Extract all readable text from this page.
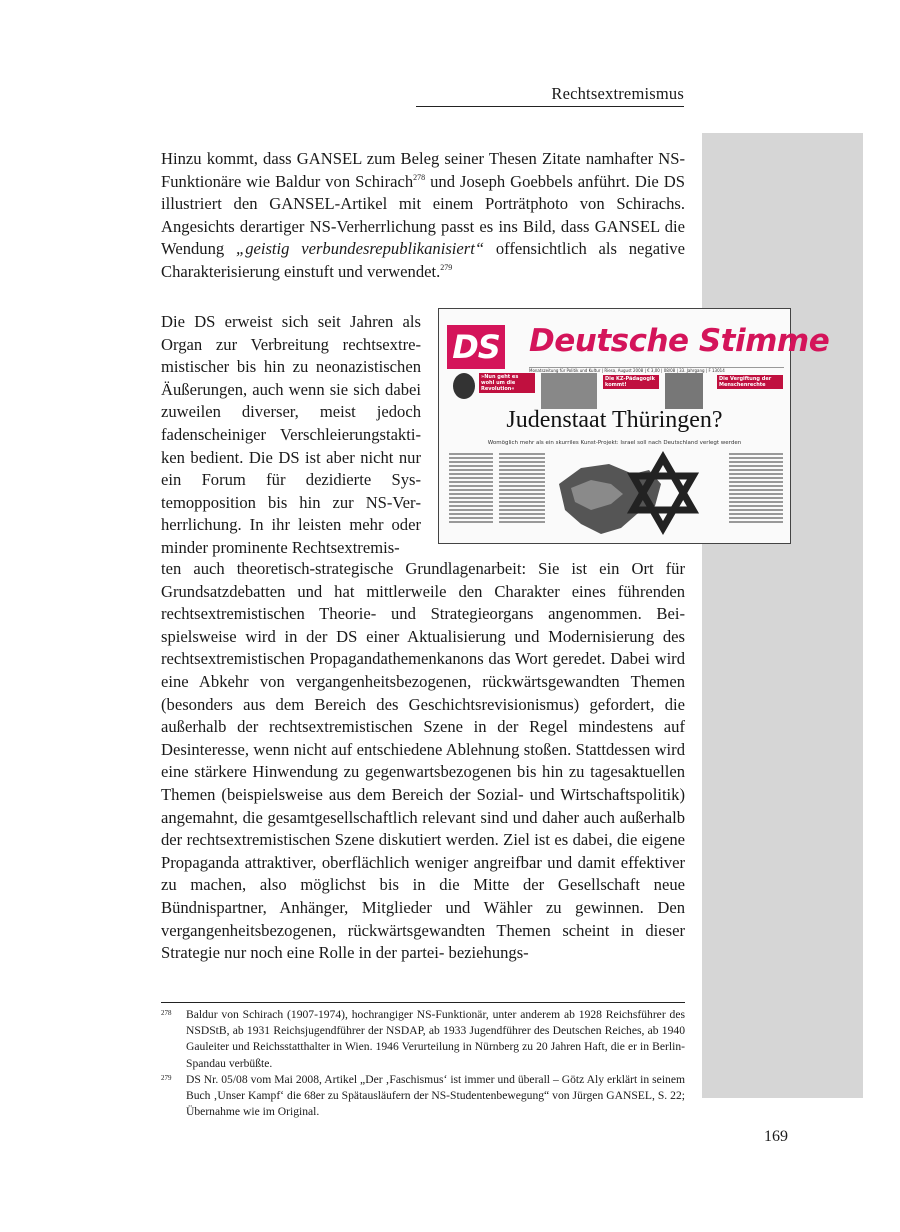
Rechtsextremismus

Hinzu kommt, dass GANSEL zum Beleg seiner Thesen Zitate namhafter NS-Funktionäre wie Baldur von Schirach$^{278}$ und Joseph Goebbels anführt. Die DS illustriert den GANSEL-Artikel mit einem Porträtphoto von Schirachs. Angesichts derartiger NS-Verherrlichung passt es ins Bild, dass GANSEL die Wendung „geistig verbundesrepublikanisiert“ offensichtlich als negative Charakterisierung einstuft und verwendet.$^{279}$

Die DS erweist sich seit Jahren als Organ zur Verbreitung rechtsextremistischer bis hin zu neonazistischen Äußerungen, auch wenn sie sich dabei zuweilen diverser, meist jedoch fadenscheiniger Verschleierungstaktiken bedient. Die DS ist aber nicht nur ein Forum für dezidierte Systemopposition bis hin zur NS-Verherrlichung. In ihr leisten mehr oder minder prominente Rechtsextremis-

DS Deutsche Stimme
Monatszeitung für Politik und Kultur | Riesa, August 2008 | € 3,00 | 08/08 | 33. Jahrgang | F 13014
»Nun geht es wohl um die Revolution«
Die KZ-Pädagogik kommt!
Die Vergiftung der Menschenrechte
Judenstaat Thüringen?
Womöglich mehr als ein skurriles Kunst-Projekt: Israel soll nach Deutschland verlegt werden

ten auch theoretisch-strategische Grundlagenarbeit: Sie ist ein Ort für Grundsatzdebatten und hat mittlerweile den Charakter eines führenden rechtsextremistischen Theorie- und Strategieorgans angenommen. Beispielsweise wird in der DS einer Aktualisierung und Modernisierung des rechtsextremistischen Propagandathemenkanons das Wort geredet. Dabei wird eine Abkehr von vergangenheitsbezogenen, rückwärtsgewandten Themen (besonders aus dem Bereich des Geschichtsrevisionismus) gefordert, die außerhalb der rechtsextremistischen Szene in der Regel mindestens auf Desinteresse, wenn nicht auf entschiedene Ablehnung stoßen. Stattdessen wird eine stärkere Hinwendung zu gegenwartsbezogenen bis hin zu tagesaktuellen Themen (beispielsweise aus dem Bereich der Sozial- und Wirtschaftspolitik) angemahnt, die gesamtgesellschaftlich relevant sind und daher auch außerhalb der rechtsextremistischen Szene diskutiert werden. Ziel ist es dabei, die eigene Propaganda attraktiver, oberflächlich weniger angreifbar und damit effektiver zu machen, also möglichst bis in die Mitte der Gesellschaft neue Bündnispartner, Anhänger, Mitglieder und Wähler zu gewinnen. Den vergangenheitsbezogenen, rückwärtsgewandten Themen scheint in dieser Strategie nur noch eine Rolle in der partei- beziehungs-

278 Baldur von Schirach (1907-1974), hochrangiger NS-Funktionär, unter anderem ab 1928 Reichsführer des NSDStB, ab 1931 Reichsjugendführer der NSDAP, ab 1933 Jugendführer des Deutschen Reiches, ab 1940 Gauleiter und Reichsstatthalter in Wien. 1946 Verurteilung in Nürnberg zu 20 Jahren Haft, die er in Berlin-Spandau verbüßte.

279 DS Nr. 05/08 vom Mai 2008, Artikel „Der ‚Faschismus‘ ist immer und überall – Götz Aly erklärt in seinem Buch ‚Unser Kampf‘ die 68er zu Spätausläufern der NS-Studentenbewegung“ von Jürgen GANSEL, S. 22; Übernahme wie im Original.

169
